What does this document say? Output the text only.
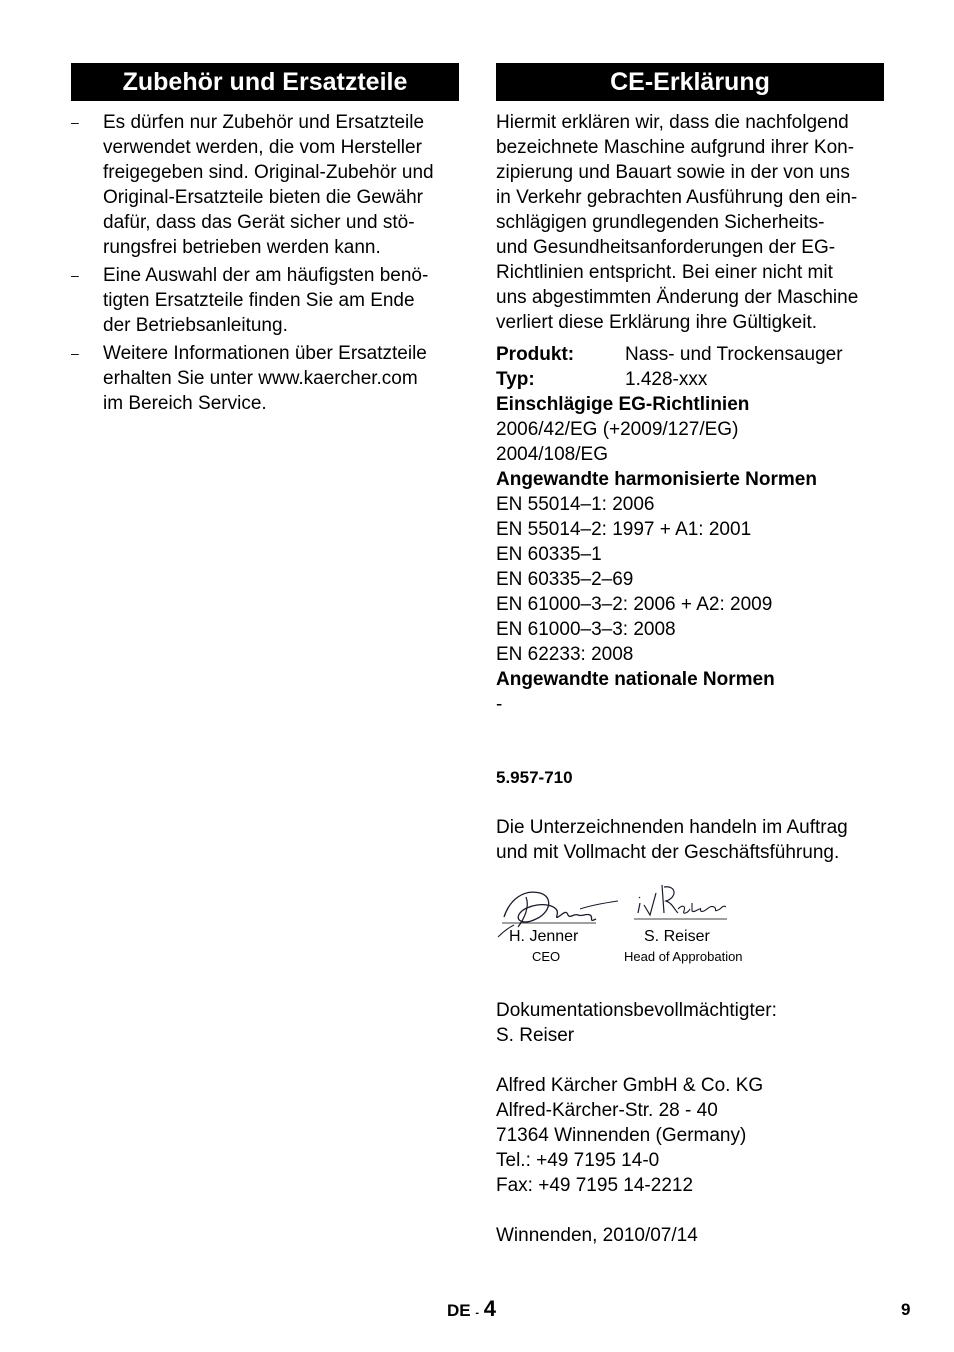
Zubehör und Ersatzteile
– Es dürfen nur Zubehör und Ersatzteile
verwendet werden, die vom Hersteller
freigegeben sind. Original-Zubehör und
Original-Ersatzteile bieten die Gewähr
dafür, dass das Gerät sicher und stö-
rungsfrei betrieben werden kann.
– Eine Auswahl der am häufigsten benö-
tigten Ersatzteile finden Sie am Ende
der Betriebsanleitung.
– Weitere Informationen über Ersatzteile
erhalten Sie unter www.kaercher.com
im Bereich Service.
CE-Erklärung
Hiermit erklären wir, dass die nachfolgend
bezeichnete Maschine aufgrund ihrer Kon-
zipierung und Bauart sowie in der von uns
in Verkehr gebrachten Ausführung den ein-
schlägigen grundlegenden Sicherheits-
und Gesundheitsanforderungen der EG-
Richtlinien entspricht. Bei einer nicht mit
uns abgestimmten Änderung der Maschine
verliert diese Erklärung ihre Gültigkeit.
Produkt:	Nass- und Trockensauger
Typ:	1.428-xxx
Einschlägige EG-Richtlinien
2006/42/EG (+2009/127/EG)
2004/108/EG
Angewandte harmonisierte Normen
EN 55014–1: 2006
EN 55014–2: 1997 + A1: 2001
EN 60335–1
EN 60335–2–69
EN 61000–3–2: 2006 + A2: 2009
EN 61000–3–3: 2008
EN 62233: 2008
Angewandte nationale Normen
-
5.957-710
Die Unterzeichnenden handeln im Auftrag
und mit Vollmacht der Geschäftsführung.
H. Jenner
CEO
S. Reiser
Head of Approbation
Dokumentationsbevollmächtigter:
S. Reiser
Alfred Kärcher GmbH & Co. KG
Alfred-Kärcher-Str. 28 - 40
71364 Winnenden (Germany)
Tel.: +49 7195 14-0
Fax: +49 7195 14-2212
Winnenden, 2010/07/14
DE - 4	9
